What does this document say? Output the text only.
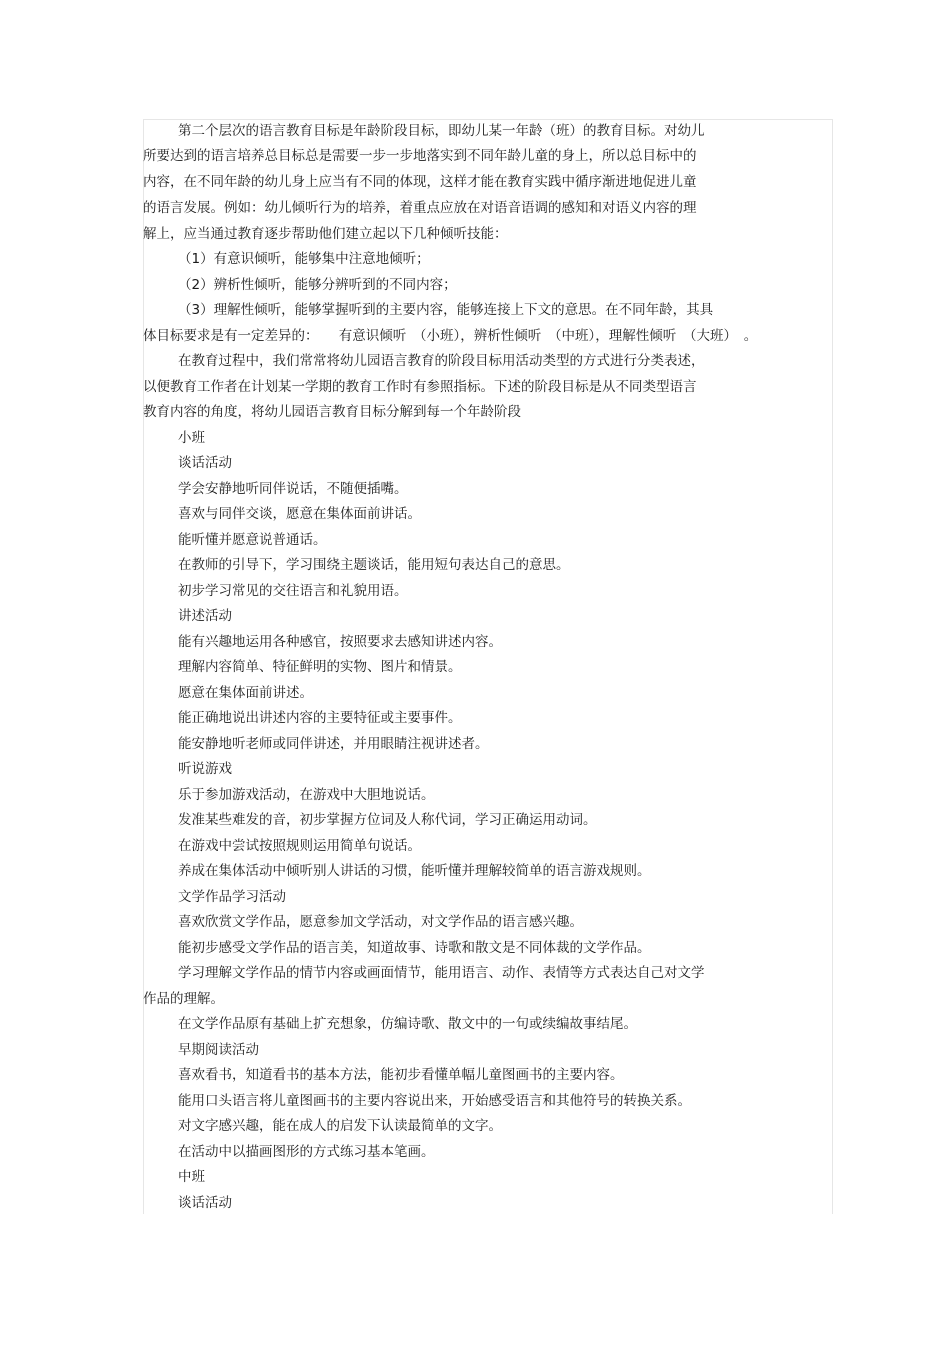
第二个层次的语言教育目标是年龄阶段目标，即幼儿某一年龄（班）的教育目标。对幼儿
所要达到的语言培养总目标总是需要一步一步地落实到不同年龄儿童的身上，所以总目标中的
内容，在不同年龄的幼儿身上应当有不同的体现，这样才能在教育实践中循序渐进地促进儿童
的语言发展。例如：幼儿倾听行为的培养，着重点应放在对语音语调的感知和对语义内容的理
解上，应当通过教育逐步帮助他们建立起以下几种倾听技能：
（1）有意识倾听，能够集中注意地倾听；
（2）辨析性倾听，能够分辨听到的不同内容；
（3）理解性倾听，能够掌握听到的主要内容，能够连接上下文的意思。在不同年龄，其具
体目标要求是有一定差异的：　　有意识倾听　（小班），辨析性倾听　（中班），理解性倾听　（大班）　。
在教育过程中，我们常常将幼儿园语言教育的阶段目标用活动类型的方式进行分类表述，
以便教育工作者在计划某一学期的教育工作时有参照指标。下述的阶段目标是从不同类型语言
教育内容的角度，将幼儿园语言教育目标分解到每一个年龄阶段
小班
谈话活动
学会安静地听同伴说话，不随便插嘴。
喜欢与同伴交谈，愿意在集体面前讲话。
能听懂并愿意说普通话。
在教师的引导下，学习围绕主题谈话，能用短句表达自己的意思。
初步学习常见的交往语言和礼貌用语。
讲述活动
能有兴趣地运用各种感官，按照要求去感知讲述内容。
理解内容简单、特征鲜明的实物、图片和情景。
愿意在集体面前讲述。
能正确地说出讲述内容的主要特征或主要事件。
能安静地听老师或同伴讲述，并用眼睛注视讲述者。
听说游戏
乐于参加游戏活动，在游戏中大胆地说话。
发准某些难发的音，初步掌握方位词及人称代词，学习正确运用动词。
在游戏中尝试按照规则运用简单句说话。
养成在集体活动中倾听别人讲话的习惯，能听懂并理解较简单的语言游戏规则。
文学作品学习活动
喜欢欣赏文学作品，愿意参加文学活动，对文学作品的语言感兴趣。
能初步感受文学作品的语言美，知道故事、诗歌和散文是不同体裁的文学作品。
学习理解文学作品的情节内容或画面情节，能用语言、动作、表情等方式表达自己对文学
作品的理解。
在文学作品原有基础上扩充想象，仿编诗歌、散文中的一句或续编故事结尾。
早期阅读活动
喜欢看书，知道看书的基本方法，能初步看懂单幅儿童图画书的主要内容。
能用口头语言将儿童图画书的主要内容说出来，开始感受语言和其他符号的转换关系。
对文字感兴趣，能在成人的启发下认读最简单的文字。
在活动中以描画图形的方式练习基本笔画。
中班
谈话活动
